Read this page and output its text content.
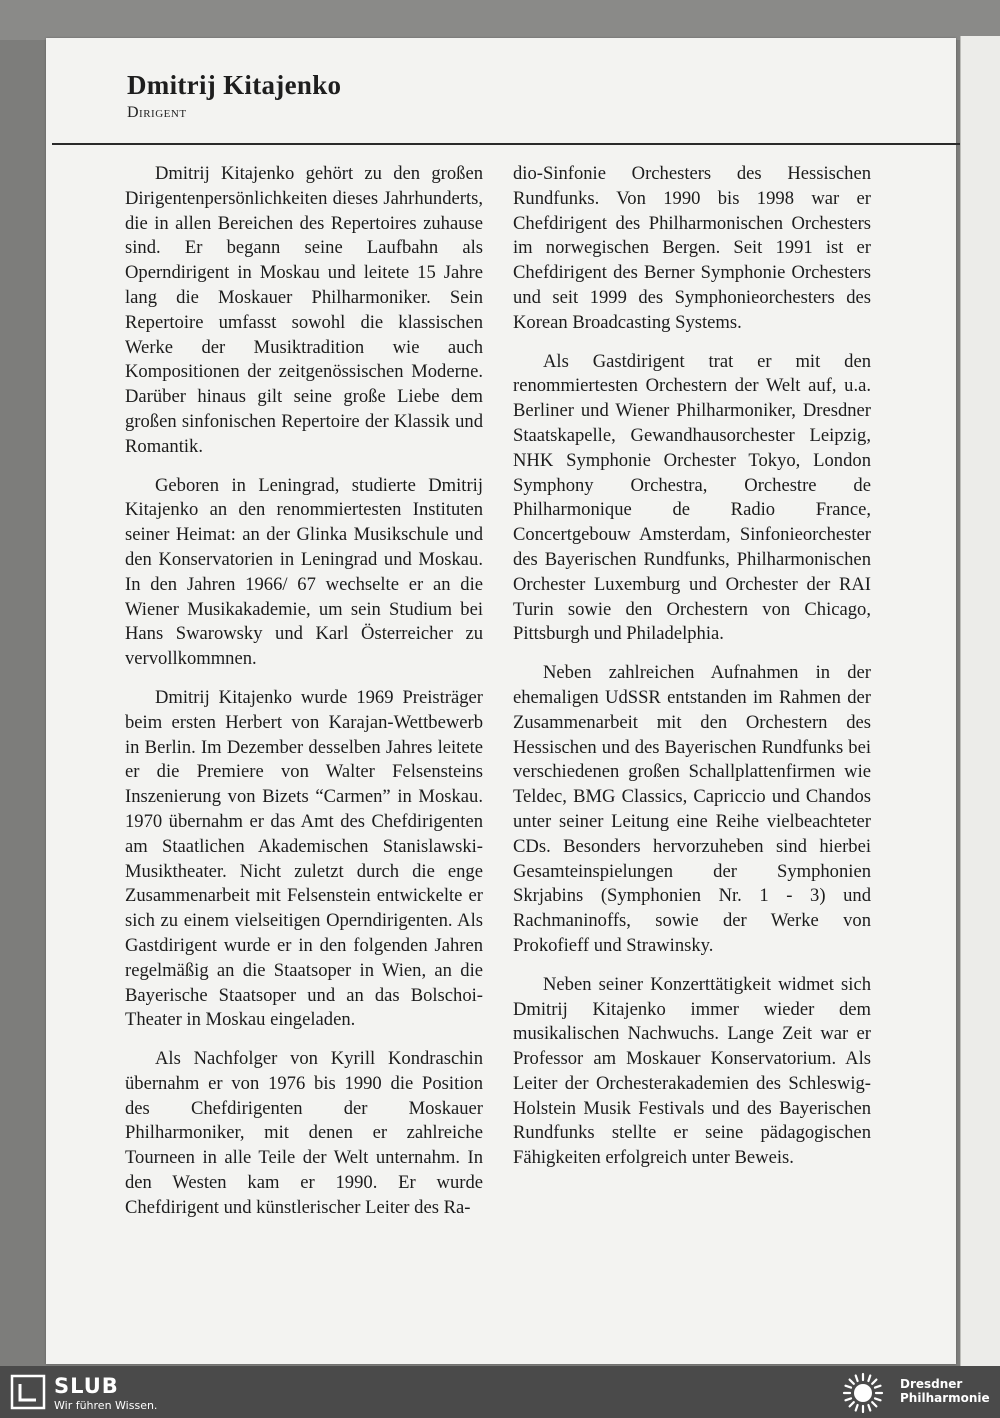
Dmitrij Kitajenko
Dirigent

Dmitrij Kitajenko gehört zu den großen Dirigentenpersönlichkeiten dieses Jahrhunderts, die in allen Bereichen des Repertoires zuhause sind. Er begann seine Laufbahn als Operndirigent in Moskau und leitete 15 Jahre lang die Moskauer Philharmoniker. Sein Repertoire umfasst sowohl die klassischen Werke der Musiktradition wie auch Kompositionen der zeitgenössischen Moderne. Darüber hinaus gilt seine große Liebe dem großen sinfonischen Repertoire der Klassik und Romantik.

Geboren in Leningrad, studierte Dmitrij Kitajenko an den renommiertesten Instituten seiner Heimat: an der Glinka Musikschule und den Konservatorien in Leningrad und Moskau. In den Jahren 1966/ 67 wechselte er an die Wiener Musikakademie, um sein Studium bei Hans Swarowsky und Karl Österreicher zu vervollkommnen.

Dmitrij Kitajenko wurde 1969 Preisträger beim ersten Herbert von Karajan-Wettbewerb in Berlin. Im Dezember desselben Jahres leitete er die Premiere von Walter Felsensteins Inszenierung von Bizets “Carmen” in Moskau. 1970 übernahm er das Amt des Chefdirigenten am Staatlichen Akademischen Stanislawski-Musiktheater. Nicht zuletzt durch die enge Zusammenarbeit mit Felsenstein entwickelte er sich zu einem vielseitigen Operndirigenten. Als Gastdirigent wurde er in den folgenden Jahren regelmäßig an die Staatsoper in Wien, an die Bayerische Staatsoper und an das Bolschoi-Theater in Moskau eingeladen.

Als Nachfolger von Kyrill Kondraschin übernahm er von 1976 bis 1990 die Position des Chefdirigenten der Moskauer Philharmoniker, mit denen er zahlreiche Tourneen in alle Teile der Welt unternahm. In den Westen kam er 1990. Er wurde Chefdirigent und künstlerischer Leiter des Ra-

dio-Sinfonie Orchesters des Hessischen Rundfunks. Von 1990 bis 1998 war er Chefdirigent des Philharmonischen Orchesters im norwegischen Bergen. Seit 1991 ist er Chefdirigent des Berner Symphonie Orchesters und seit 1999 des Symphonieorchesters des Korean Broadcasting Systems.

Als Gastdirigent trat er mit den renommiertesten Orchestern der Welt auf, u.a. Berliner und Wiener Philharmoniker, Dresdner Staatskapelle, Gewandhausorchester Leipzig, NHK Symphonie Orchester Tokyo, London Symphony Orchestra, Orchestre de Philharmonique de Radio France, Concertgebouw Amsterdam, Sinfonieorchester des Bayerischen Rundfunks, Philharmonischen Orchester Luxemburg und Orchester der RAI Turin sowie den Orchestern von Chicago, Pittsburgh und Philadelphia.

Neben zahlreichen Aufnahmen in der ehemaligen UdSSR entstanden im Rahmen der Zusammenarbeit mit den Orchestern des Hessischen und des Bayerischen Rundfunks bei verschiedenen großen Schallplattenfirmen wie Teldec, BMG Classics, Capriccio und Chandos unter seiner Leitung eine Reihe vielbeachteter CDs. Besonders hervorzuheben sind hierbei Gesamteinspielungen der Symphonien Skrjabins (Symphonien Nr. 1 - 3) und Rachmaninoffs, sowie der Werke von Prokofieff und Strawinsky.

Neben seiner Konzerttätigkeit widmet sich Dmitrij Kitajenko immer wieder dem musikalischen Nachwuchs. Lange Zeit war er Professor am Moskauer Konservatorium. Als Leiter der Orchesterakademien des Schleswig-Holstein Musik Festivals und des Bayerischen Rundfunks stellte er seine pädagogischen Fähigkeiten erfolgreich unter Beweis.

SLUB
Wir führen Wissen.
Dresdner
Philharmonie
